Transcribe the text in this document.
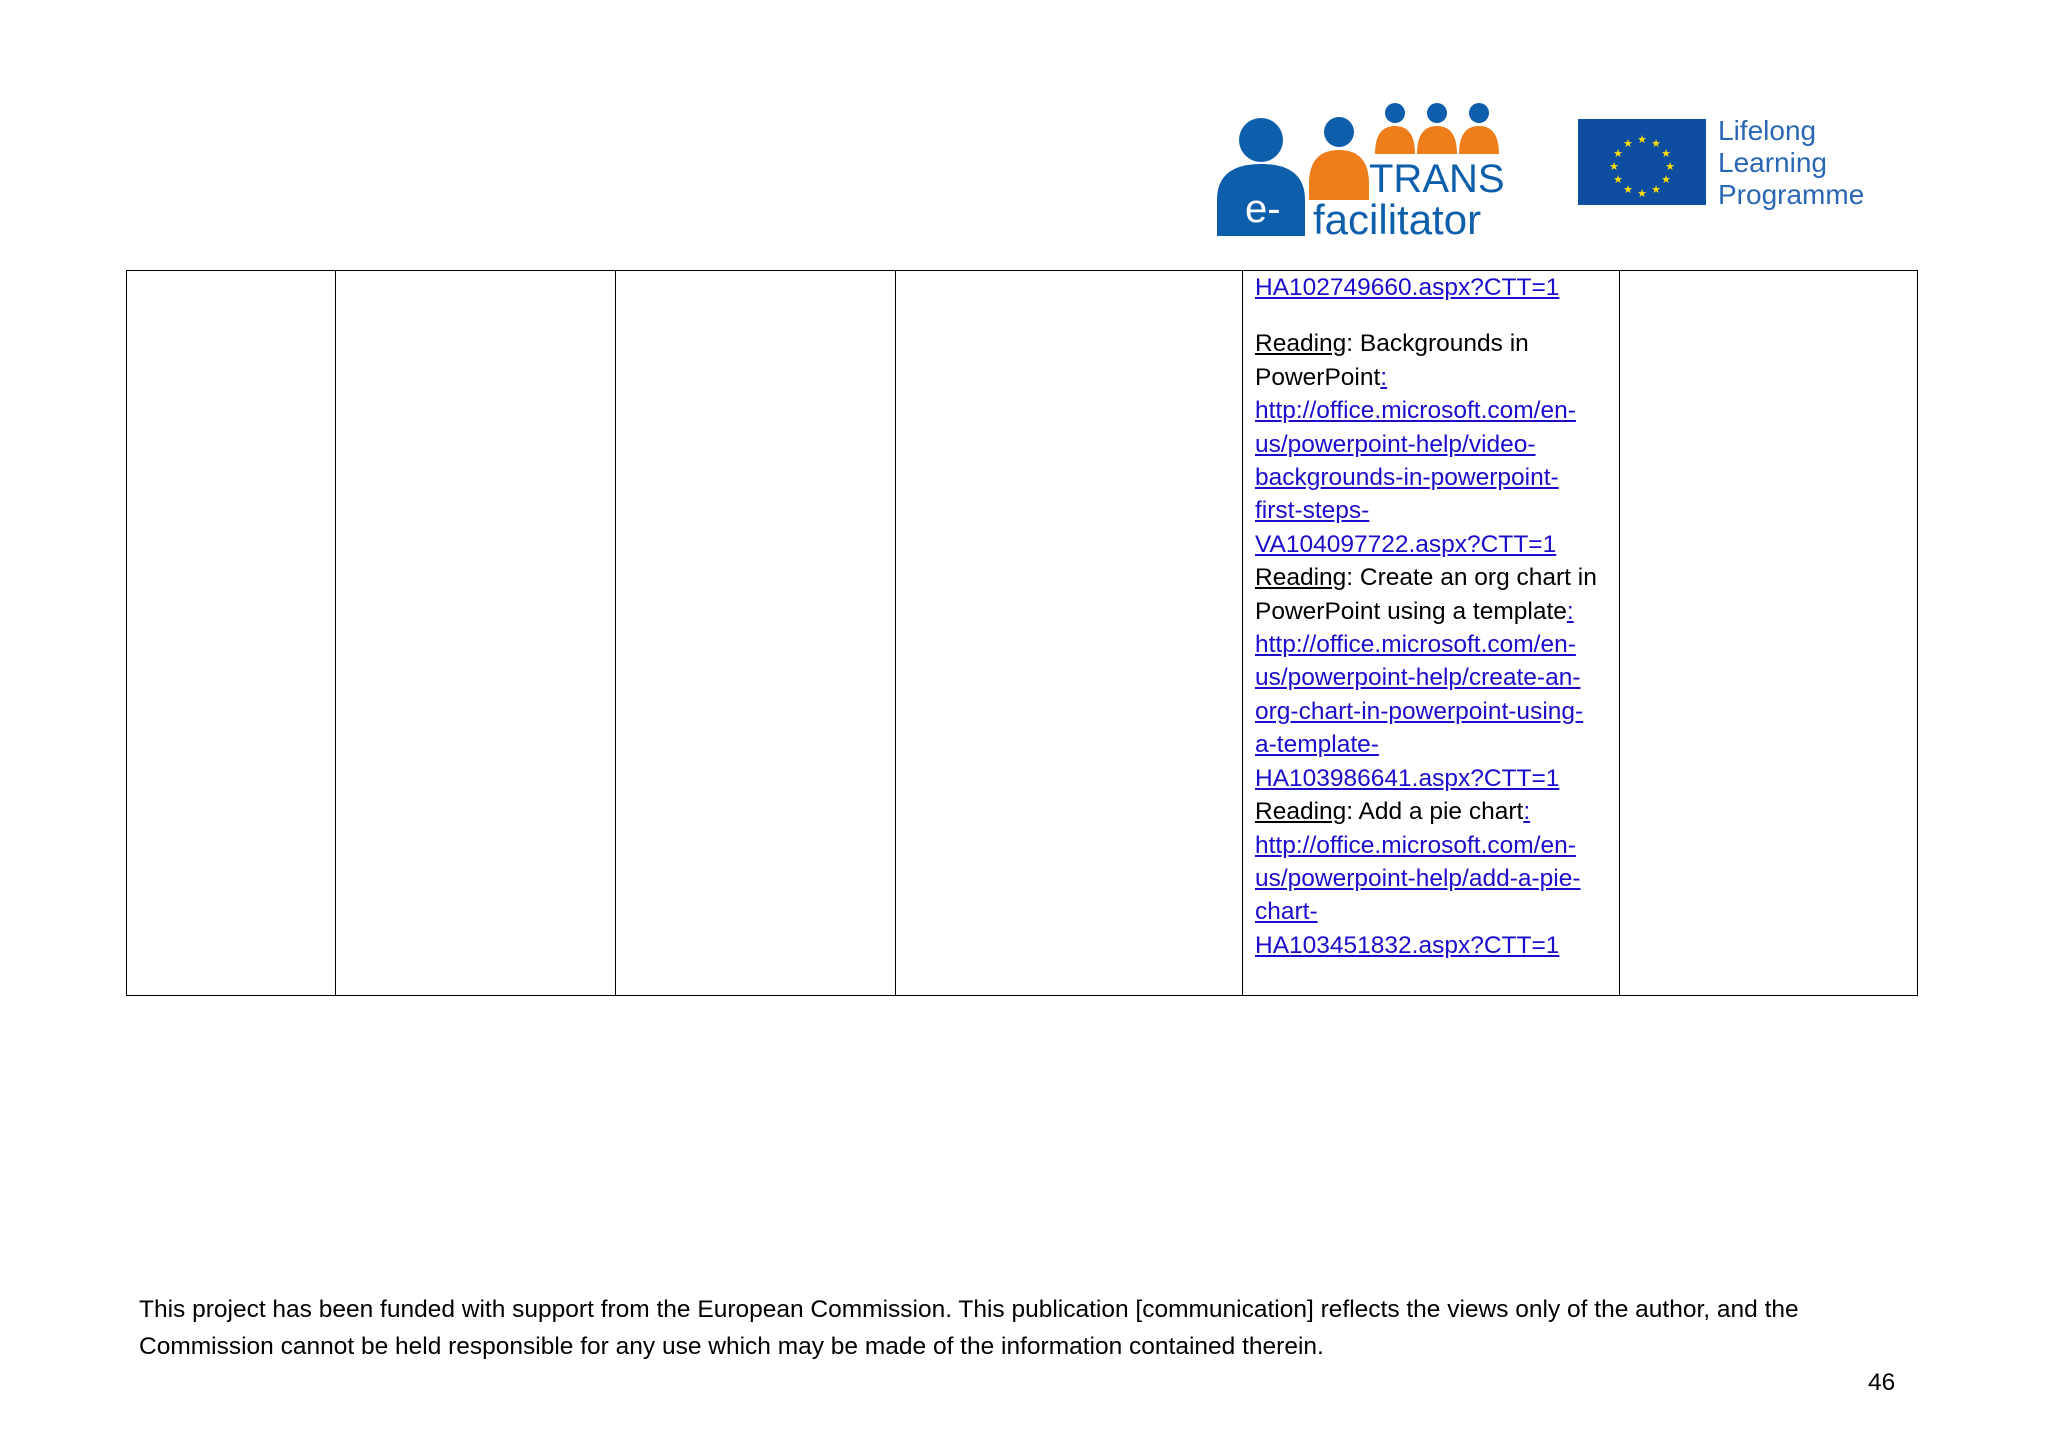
e-
TRANS
facilitator
★ ★
★
★
★
★
★
★
★
★
★
★	Lifelong
Learning
Programme

HA102749660.aspx?CTT=1
Reading: Backgrounds in PowerPoint:
http://office.microsoft.com/en-
us/powerpoint-help/video-
backgrounds-in-powerpoint-
first-steps-
VA104097722.aspx?CTT=1
Reading: Create an org chart in PowerPoint using a template:
http://office.microsoft.com/en-
us/powerpoint-help/create-an-
org-chart-in-powerpoint-using-
a-template-
HA103986641.aspx?CTT=1
Reading: Add a pie chart:
http://office.microsoft.com/en-
us/powerpoint-help/add-a-pie-
chart-
HA103451832.aspx?CTT=1

This project has been funded with support from the European Commission. This publication [communication] reflects the views only of the author, and the
Commission cannot be held responsible for any use which may be made of the information contained therein.
46
